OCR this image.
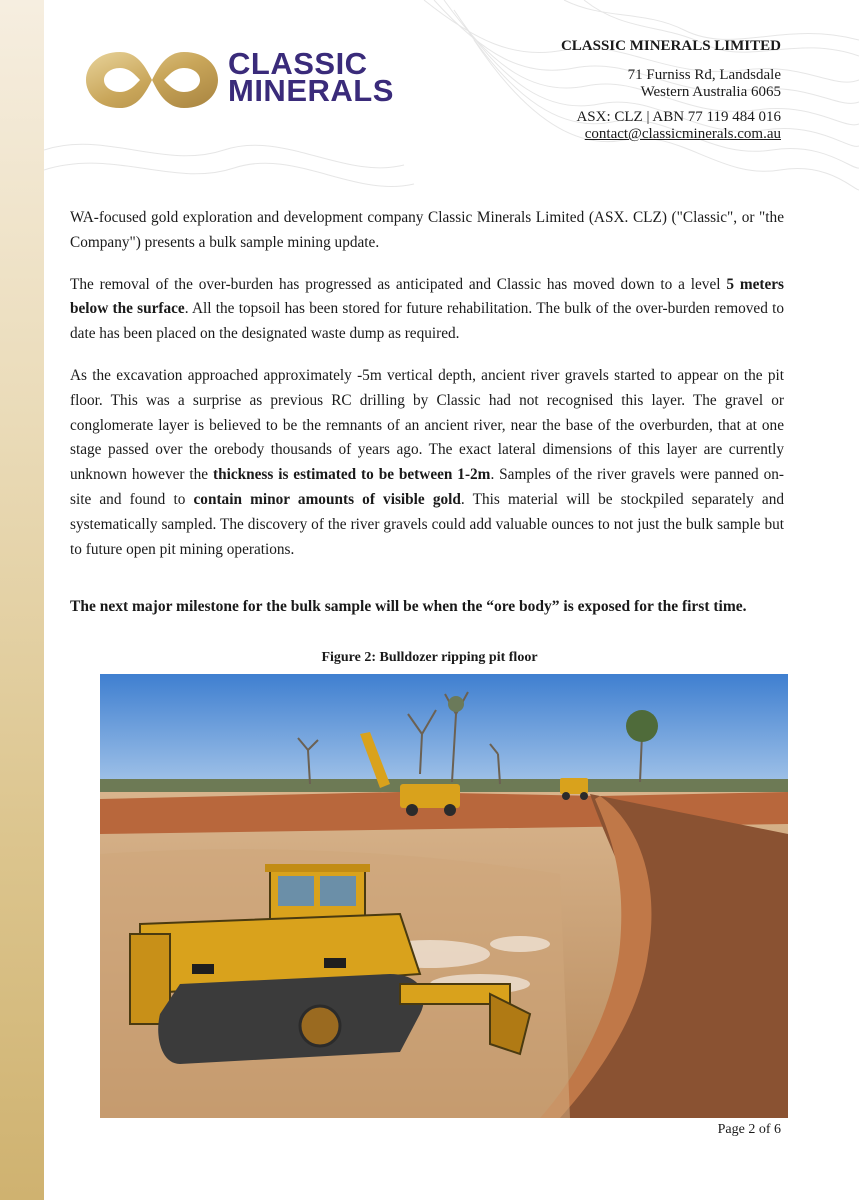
CLASSIC
MINERALS
CLASSIC MINERALS LIMITED
71 Furniss Rd, Landsdale
Western Australia 6065
ASX: CLZ | ABN 77 119 484 016
contact@classicminerals.com.au

WA-focused gold exploration and development company Classic Minerals Limited (ASX. CLZ) ("Classic", or "the Company") presents a bulk sample mining update.

The removal of the over-burden has progressed as anticipated and Classic has moved down to a level 5 meters below the surface. All the topsoil has been stored for future rehabilitation. The bulk of the over-burden removed to date has been placed on the designated waste dump as required.

As the excavation approached approximately -5m vertical depth, ancient river gravels started to appear on the pit floor. This was a surprise as previous RC drilling by Classic had not recognised this layer. The gravel or conglomerate layer is believed to be the remnants of an ancient river, near the base of the overburden, that at one stage passed over the orebody thousands of years ago. The exact lateral dimensions of this layer are currently unknown however the thickness is estimated to be between 1-2m. Samples of the river gravels were panned on-site and found to contain minor amounts of visible gold. This material will be stockpiled separately and systematically sampled. The discovery of the river gravels could add valuable ounces to not just the bulk sample but to future open pit mining operations.

The next major milestone for the bulk sample will be when the “ore body” is exposed for the first time.
Figure 2: Bulldozer ripping pit floor
Page 2 of 6
